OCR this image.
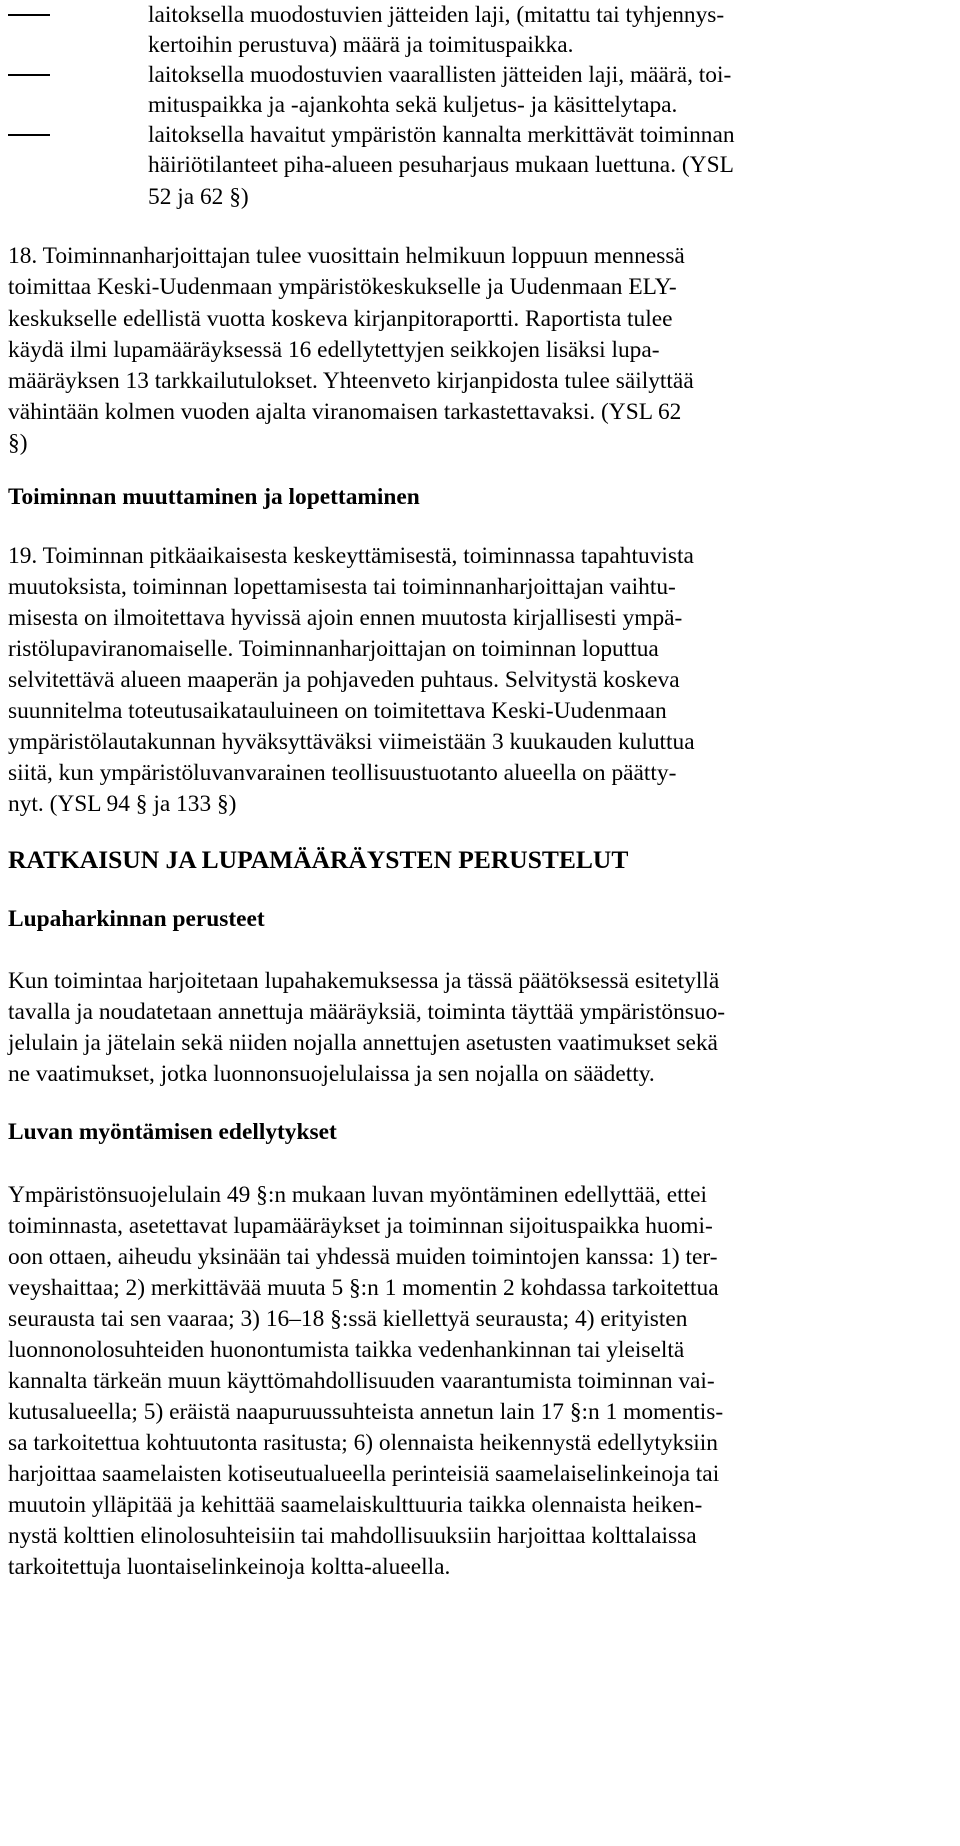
laitoksella muodostuvien jätteiden laji, (mitattu tai tyhjennys-
kertoihin perustuva) määrä ja toimituspaikka.
laitoksella muodostuvien vaarallisten jätteiden laji, määrä, toi-
mituspaikka ja -ajankohta sekä kuljetus- ja käsittelytapa.
laitoksella havaitut ympäristön kannalta merkittävät toiminnan
häiriötilanteet piha-alueen pesuharjaus mukaan luettuna. (YSL
52 ja 62 §)
18. Toiminnanharjoittajan tulee vuosittain helmikuun loppuun mennessä
toimittaa Keski-Uudenmaan ympäristökeskukselle ja Uudenmaan ELY-
keskukselle edellistä vuotta koskeva kirjanpitoraportti. Raportista tulee
käydä ilmi lupamääräyksessä 16 edellytettyjen seikkojen lisäksi lupa-
määräyksen 13 tarkkailutulokset. Yhteenveto kirjanpidosta tulee säilyttää
vähintään kolmen vuoden ajalta viranomaisen tarkastettavaksi. (YSL 62
§)
Toiminnan muuttaminen ja lopettaminen
19. Toiminnan pitkäaikaisesta keskeyttämisestä, toiminnassa tapahtuvista
muutoksista, toiminnan lopettamisesta tai toiminnanharjoittajan vaihtu-
misesta on ilmoitettava hyvissä ajoin ennen muutosta kirjallisesti ympä-
ristölupaviranomaiselle. Toiminnanharjoittajan on toiminnan loputtua
selvitettävä alueen maaperän ja pohjaveden puhtaus. Selvitystä koskeva
suunnitelma toteutusaikatauluineen on toimitettava Keski-Uudenmaan
ympäristölautakunnan hyväksyttäväksi viimeistään 3 kuukauden kuluttua
siitä, kun ympäristöluvanvarainen teollisuustuotanto alueella on päätty-
nyt. (YSL 94 § ja 133 §)
RATKAISUN JA LUPAMÄÄRÄYSTEN PERUSTELUT
Lupaharkinnan perusteet
Kun toimintaa harjoitetaan lupahakemuksessa ja tässä päätöksessä esitetyllä
tavalla ja noudatetaan annettuja määräyksiä, toiminta täyttää ympäristönsuo-
jelulain ja jätelain sekä niiden nojalla annettujen asetusten vaatimukset sekä
ne vaatimukset, jotka luonnonsuojelulaissa ja sen nojalla on säädetty.
Luvan myöntämisen edellytykset
Ympäristönsuojelulain 49 §:n mukaan luvan myöntäminen edellyttää, ettei
toiminnasta, asetettavat lupamääräykset ja toiminnan sijoituspaikka huomi-
oon ottaen, aiheudu yksinään tai yhdessä muiden toimintojen kanssa: 1) ter-
veyshaittaa; 2) merkittävää muuta 5 §:n 1 momentin 2 kohdassa tarkoitettua
seurausta tai sen vaaraa; 3) 16–18 §:ssä kiellettyä seurausta; 4) erityisten
luonnonolosuhteiden huonontumista taikka vedenhankinnan tai yleiseltä
kannalta tärkeän muun käyttömahdollisuuden vaarantumista toiminnan vai-
kutusalueella; 5) eräistä naapuruussuhteista annetun lain 17 §:n 1 momentis-
sa tarkoitettua kohtuutonta rasitusta; 6) olennaista heikennystä edellytyksiin
harjoittaa saamelaisten kotiseutualueella perinteisiä saamelaiselinkeinoja tai
muutoin ylläpitää ja kehittää saamelaiskulttuuria taikka olennaista heiken-
nystä kolttien elinolosuhteisiin tai mahdollisuuksiin harjoittaa kolttalaissa
tarkoitettuja luontaiselinkeinoja koltta-alueella.
